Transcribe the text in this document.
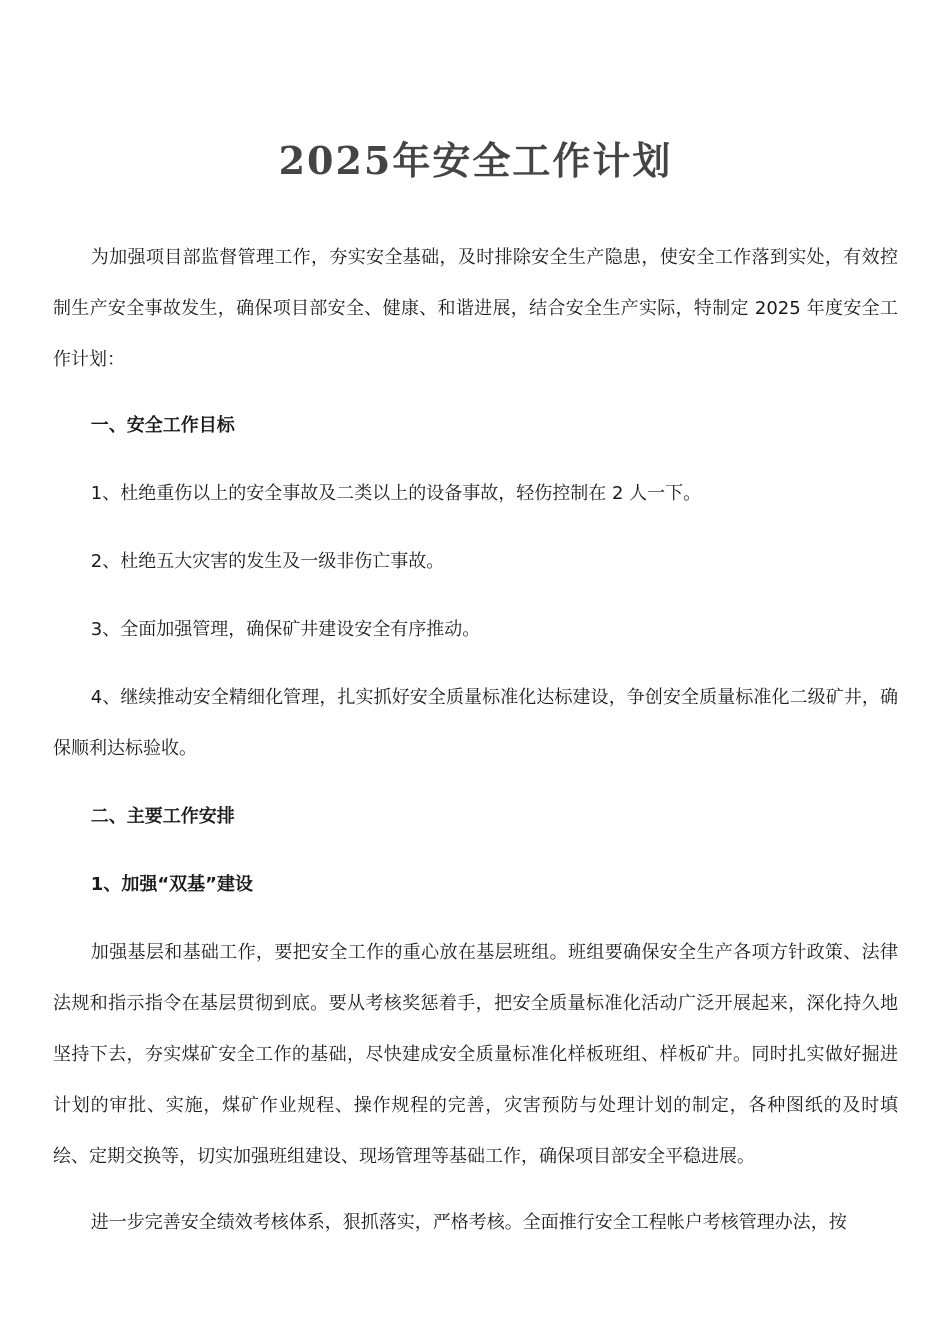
2025年安全工作计划

为加强项目部监督管理工作，夯实安全基础，及时排除安全生产隐患，使安全工作落到实处，有效控制生产安全事故发生，确保项目部安全、健康、和谐进展，结合安全生产实际，特制定 2025 年度安全工作计划：

一、安全工作目标

1、杜绝重伤以上的安全事故及二类以上的设备事故，轻伤控制在 2 人一下。

2、杜绝五大灾害的发生及一级非伤亡事故。

3、全面加强管理，确保矿井建设安全有序推动。

4、继续推动安全精细化管理，扎实抓好安全质量标准化达标建设，争创安全质量标准化二级矿井，确保顺利达标验收。

二、主要工作安排

1、加强“双基”建设

加强基层和基础工作，要把安全工作的重心放在基层班组。班组要确保安全生产各项方针政策、法律法规和指示指令在基层贯彻到底。要从考核奖惩着手，把安全质量标准化活动广泛开展起来，深化持久地坚持下去，夯实煤矿安全工作的基础，尽快建成安全质量标准化样板班组、样板矿井。同时扎实做好掘进计划的审批、实施，煤矿作业规程、操作规程的完善，灾害预防与处理计划的制定，各种图纸的及时填绘、定期交换等，切实加强班组建设、现场管理等基础工作，确保项目部安全平稳进展。

进一步完善安全绩效考核体系，狠抓落实，严格考核。全面推行安全工程帐户考核管理办法，按
